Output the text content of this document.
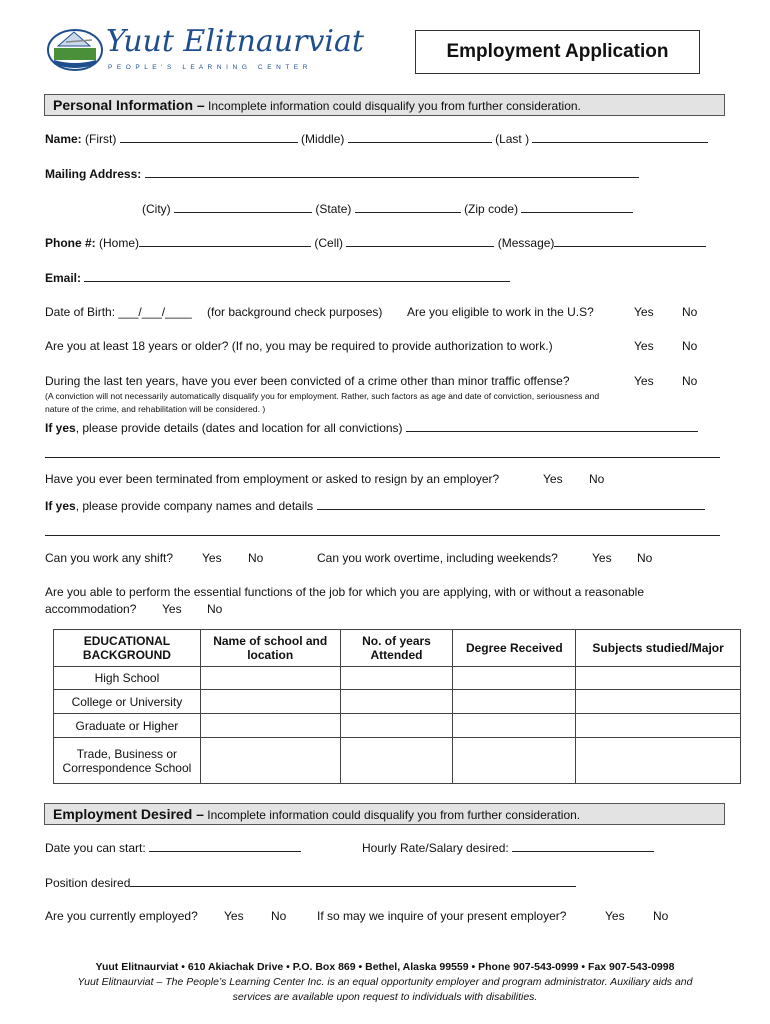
Yuut Elitnaurviat
P E O P L E ' S   L E A R N I N G   C E N T E R
Employment Application
Personal Information – Incomplete information could disqualify you from further consideration.
Name: (First)	(Middle)	(Last )
Mailing Address:
(City)	(State)	(Zip code)
Phone #: (Home)	(Cell)	(Message)
Email:
Date of Birth: ___/___/____ (for background check purposes) Are you eligible to work in the U.S?	Yes No
Are you at least 18 years or older? (If no, you may be required to provide authorization to work.)	Yes No
During the last ten years, have you ever been convicted of a crime other than minor traffic offense?	Yes No
(A conviction will not necessarily automatically disqualify you for employment. Rather, such factors as age and date of conviction, seriousness and
nature of the crime, and rehabilitation will be considered. )
If yes, please provide details (dates and location for all convictions)
Have you ever been terminated from employment or asked to resign by an employer?	Yes No
If yes, please provide company names and details
Can you work any shift? Yes No	Can you work overtime, including weekends?	Yes No
Are you able to perform the essential functions of the job for which you are applying, with or without a reasonable
accommodation? Yes No
EDUCATIONAL BACKGROUND	Name of school and location	No. of years Attended	Degree Received	Subjects studied/Major
High School				
College or University				
Graduate or Higher				
Trade, Business or Correspondence School				
Employment Desired – Incomplete information could disqualify you from further consideration.
Date you can start:	Hourly Rate/Salary desired:
Position desired
Are you currently employed? Yes No	If so may we inquire of your present employer?	Yes No
Yuut Elitnaurviat • 610 Akiachak Drive • P.O. Box 869 • Bethel, Alaska 99559 • Phone 907-543-0999 • Fax 907-543-0998
Yuut Elitnaurviat – The People’s Learning Center Inc. is an equal opportunity employer and program administrator. Auxiliary aids and
services are available upon request to individuals with disabilities.
